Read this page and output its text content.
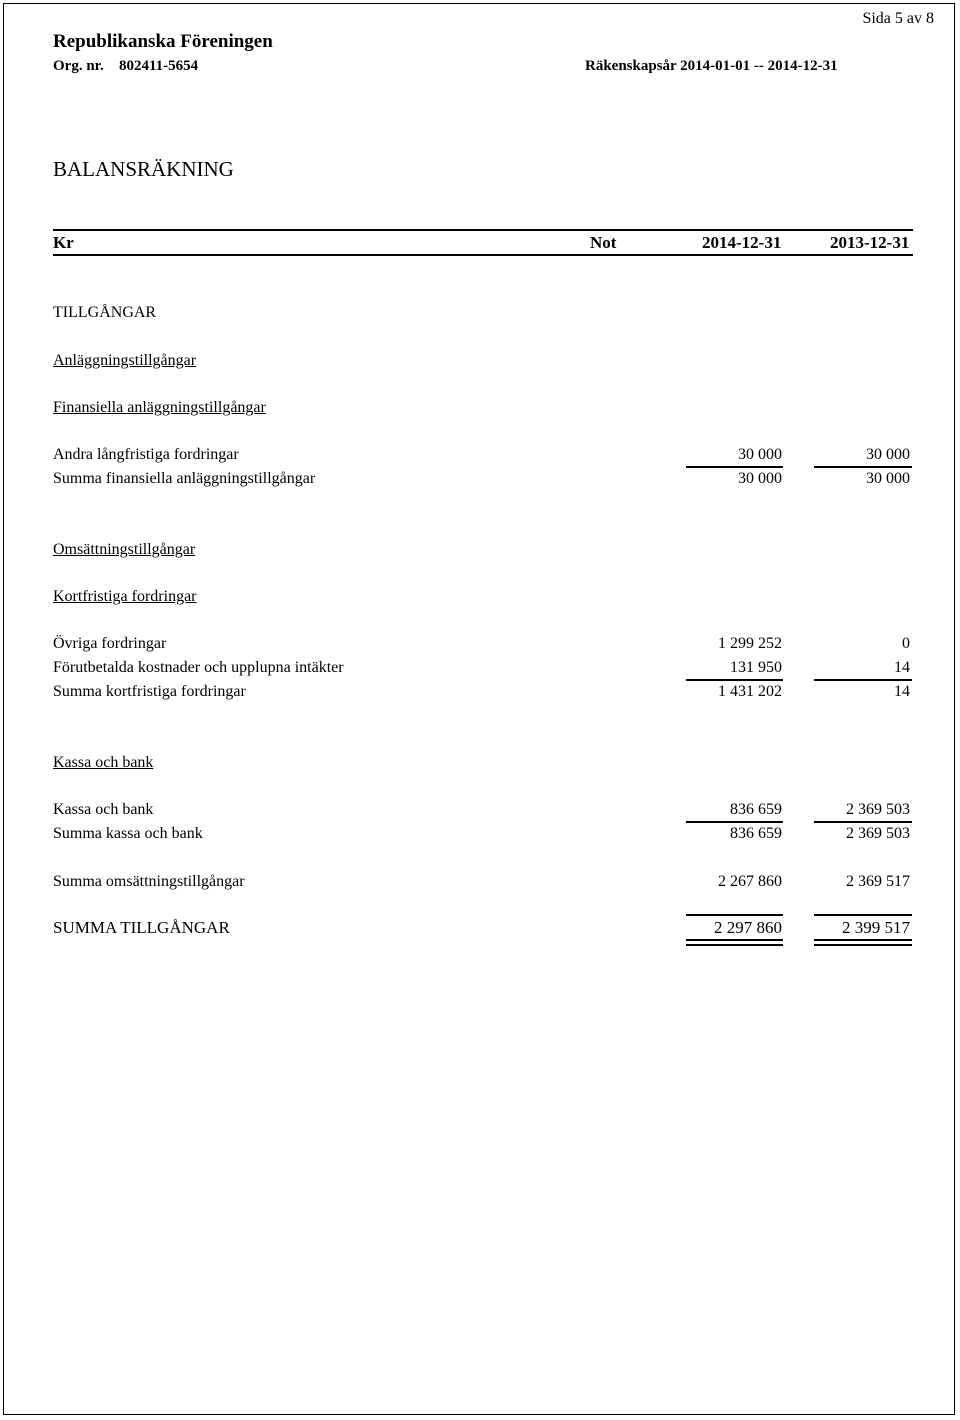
Sida 5 av 8
Republikanska Föreningen
Org. nr. 802411-5654	Räkenskapsår 2014-01-01 -- 2014-12-31
BALANSRÄKNING
Kr	Not	2014-12-31	2013-12-31
TILLGÅNGAR
Anläggningstillgångar
Finansiella anläggningstillgångar
Andra långfristiga fordringar	30 000	30 000
Summa finansiella anläggningstillgångar	30 000	30 000
Omsättningstillgångar
Kortfristiga fordringar
Övriga fordringar	1 299 252	0
Förutbetalda kostnader och upplupna intäkter	131 950	14
Summa kortfristiga fordringar	1 431 202	14
Kassa och bank
Kassa och bank	836 659	2 369 503
Summa kassa och bank	836 659	2 369 503
Summa omsättningstillgångar	2 267 860	2 369 517
SUMMA TILLGÅNGAR	2 297 860	2 399 517
